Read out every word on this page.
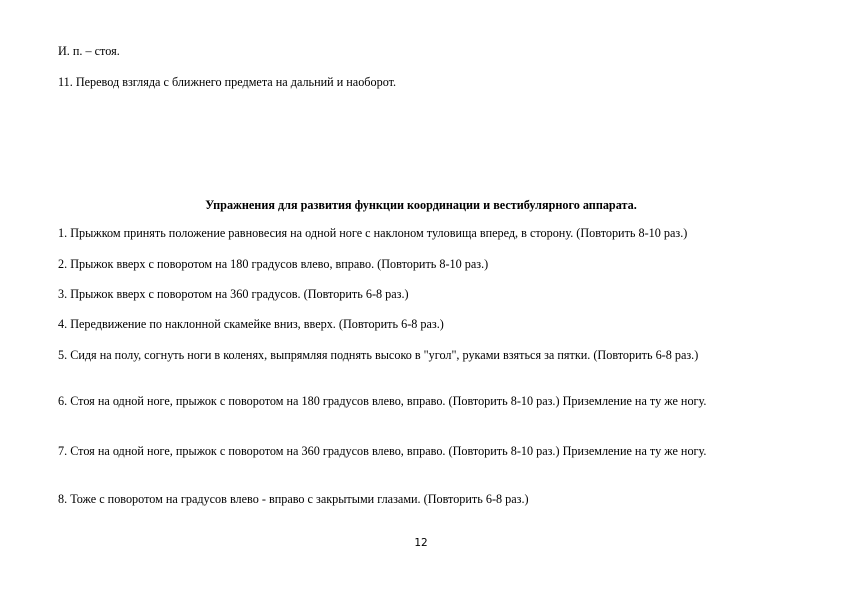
И. п. – стоя.
11. Перевод взгляда с ближнего предмета на дальний и наоборот.
Упражнения для развития функции координации и вестибулярного аппарата.
1. Прыжком принять положение равновесия на одной ноге с наклоном туловища вперед, в сторону. (Повторить 8-10 раз.)
2. Прыжок вверх с поворотом на 180 градусов влево, вправо. (Повторить 8-10 раз.)
3. Прыжок вверх с поворотом на 360 градусов. (Повторить 6-8 раз.)
4. Передвижение по наклонной скамейке вниз, вверх. (Повторить 6-8 раз.)
5. Сидя на полу, согнуть ноги в коленях, выпрямляя поднять высоко в "угол", руками взяться за пятки. (Повторить 6-8 раз.)
6. Стоя на одной ноге, прыжок с поворотом на 180 градусов влево, вправо. (Повторить 8-10 раз.) Приземление на ту же ногу.
7. Стоя на одной ноге, прыжок с поворотом на 360 градусов влево, вправо. (Повторить 8-10 раз.) Приземление на ту же ногу.
8. Тоже с поворотом на градусов влево - вправо с закрытыми глазами. (Повторить 6-8 раз.)
12
